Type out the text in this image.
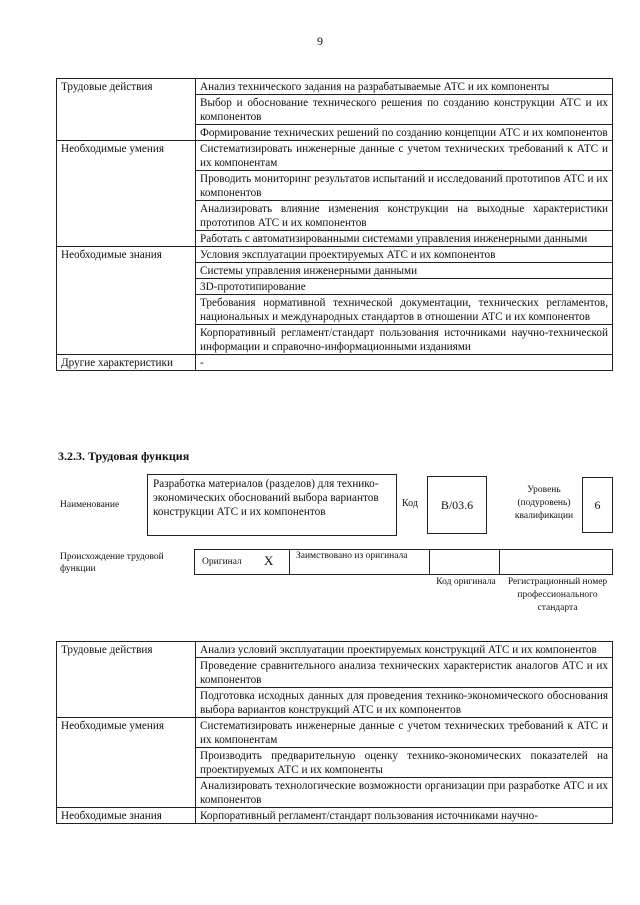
9
Трудовые действия	Анализ технического задания на разрабатываемые АТС и их компоненты
	Выбор и обоснование технического решения по созданию конструкции АТС и их компонентов
	Формирование технических решений по созданию концепции АТС и их компонентов
Необходимые умения	Систематизировать инженерные данные с учетом технических требований к АТС и их компонентам
	Проводить мониторинг результатов испытаний и исследований прототипов АТС и их компонентов
	Анализировать влияние изменения конструкции на выходные характеристики прототипов АТС и их компонентов
	Работать с автоматизированными системами управления инженерными данными
Необходимые знания	Условия эксплуатации проектируемых АТС и их компонентов
	Системы управления инженерными данными
	3D-прототипирование
	Требования нормативной технической документации, технических регламентов, национальных и международных стандартов в отношении АТС и их компонентов
	Корпоративный регламент/стандарт пользования источниками научно-технической информации и справочно-информационными изданиями
Другие характеристики	-
3.2.3. Трудовая функция
Наименование
Разработка материалов (разделов) для технико-экономических обоснований выбора вариантов конструкции АТС и их компонентов
Код	B/03.6
Уровень (подуровень) квалификации
6
Происхождение трудовой функции
Оригинал X Заимствовано из оригинала
Код оригинала	Регистрационный номер профессионального стандарта
Трудовые действия	Анализ условий эксплуатации проектируемых конструкций АТС и их компонентов
	Проведение сравнительного анализа технических характеристик аналогов АТС и их компонентов
	Подготовка исходных данных для проведения технико-экономического обоснования выбора вариантов конструкций АТС и их компонентов
Необходимые умения	Систематизировать инженерные данные с учетом технических требований к АТС и их компонентам
	Производить предварительную оценку технико-экономических показателей на проектируемых АТС и их компоненты
	Анализировать технологические возможности организации при разработке АТС и их компонентов
Необходимые знания	Корпоративный регламент/стандарт пользования источниками научно-
